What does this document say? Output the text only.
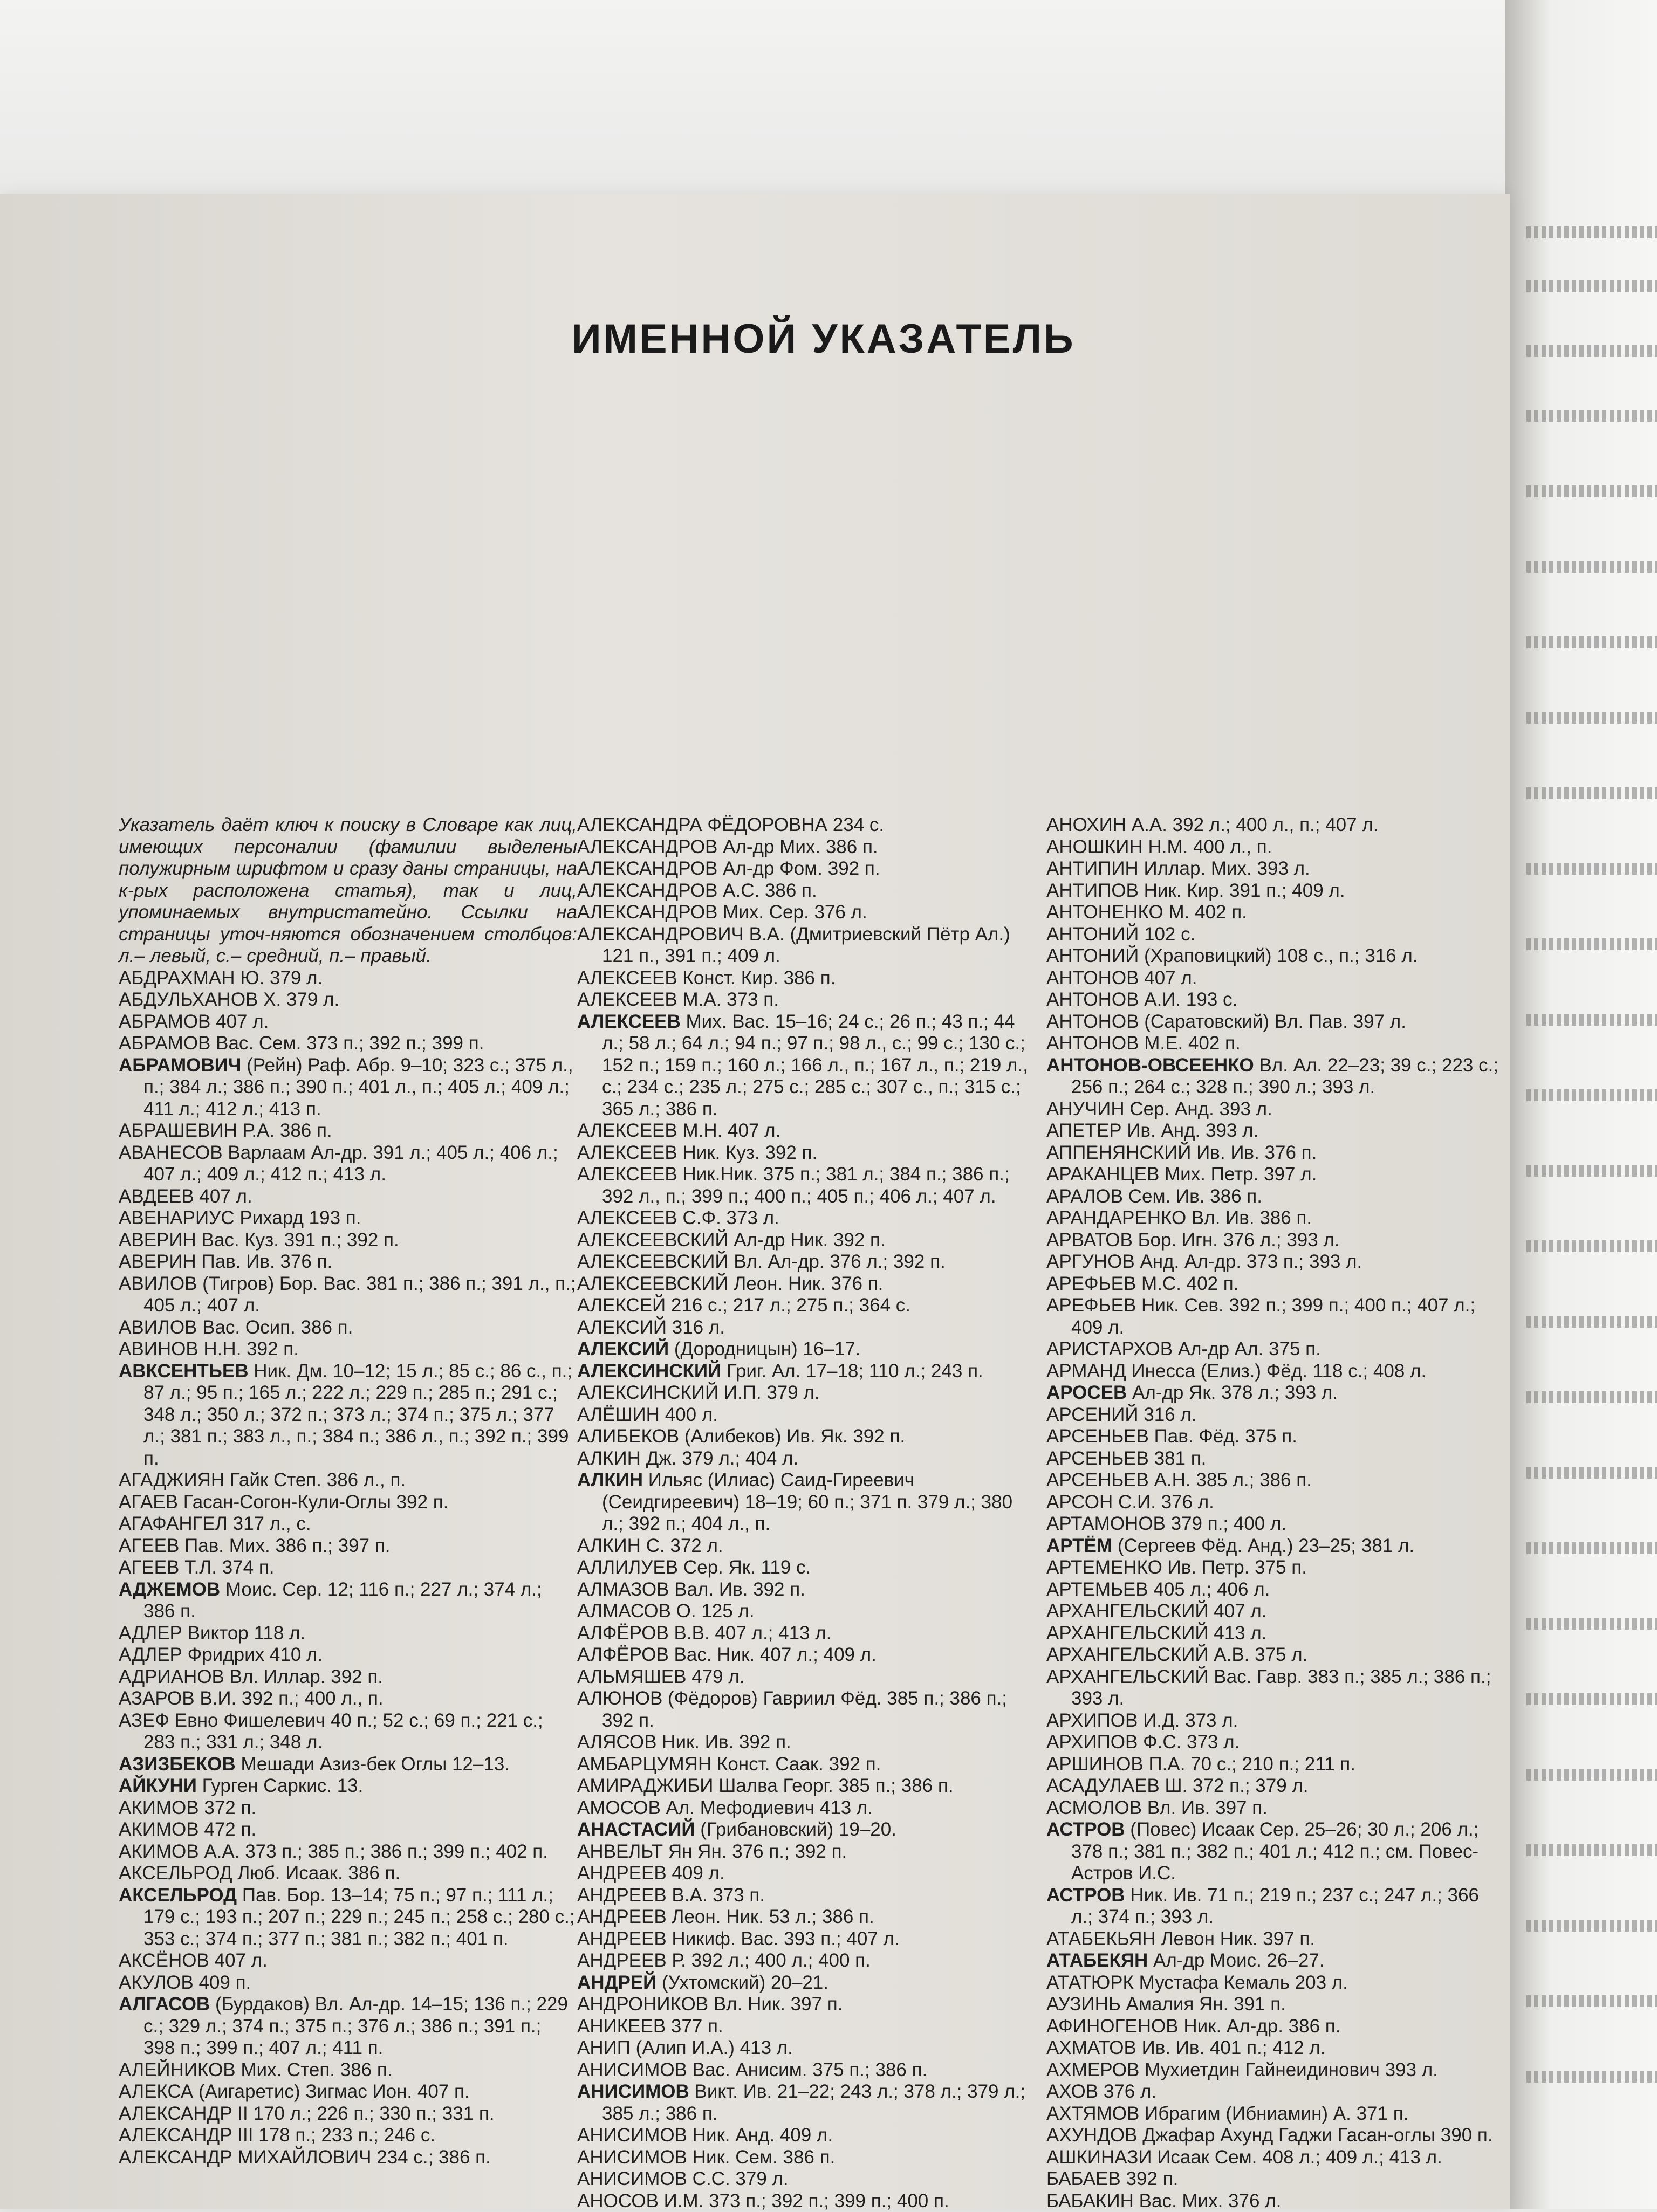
ИМЕННОЙ УКАЗАТЕЛЬ
Указатель даёт ключ к поиску в Словаре как лиц, имеющих персоналии (фамилии выделены полужирным шрифтом и сразу даны страницы, на к-рых расположена статья), так и лиц, упоминаемых внутристатейно. Ссылки на страницы уточ-няются обозначением столбцов: л.– левый, с.– средний, п.– правый.
АБДРАХМАН Ю. 379 л.
АБДУЛЬХАНОВ Х. 379 л.
АБРАМОВ 407 л.
АБРАМОВ Вас. Сем. 373 п.; 392 п.; 399 п.
АБРАМОВИЧ (Рейн) Раф. Абр. 9–10; 323 с.; 375 л., п.; 384 л.; 386 п.; 390 п.; 401 л., п.; 405 л.; 409 л.; 411 л.; 412 л.; 413 п.
АБРАШЕВИН Р.А. 386 п.
АВАНЕСОВ Варлаам Ал-др. 391 л.; 405 л.; 406 л.; 407 л.; 409 л.; 412 п.; 413 л.
АВДЕЕВ 407 л.
АВЕНАРИУС Рихард 193 п.
АВЕРИН Вас. Куз. 391 п.; 392 п.
АВЕРИН Пав. Ив. 376 п.
АВИЛОВ (Тигров) Бор. Вас. 381 п.; 386 п.; 391 л., п.; 405 л.; 407 л.
АВИЛОВ Вас. Осип. 386 п.
АВИНОВ Н.Н. 392 п.
АВКСЕНТЬЕВ Ник. Дм. 10–12; 15 л.; 85 с.; 86 с., п.; 87 л.; 95 п.; 165 л.; 222 л.; 229 п.; 285 п.; 291 с.; 348 л.; 350 л.; 372 п.; 373 л.; 374 п.; 375 л.; 377 л.; 381 п.; 383 л., п.; 384 п.; 386 л., п.; 392 п.; 399 п.
АГАДЖИЯН Гайк Степ. 386 л., п.
АГАЕВ Гасан-Согон-Кули-Оглы 392 п.
АГАФАНГЕЛ 317 л., с.
АГЕЕВ Пав. Мих. 386 п.; 397 п.
АГЕЕВ Т.Л. 374 п.
АДЖЕМОВ Моис. Сер. 12; 116 п.; 227 л.; 374 л.; 386 п.
АДЛЕР Виктор 118 л.
АДЛЕР Фридрих 410 л.
АДРИАНОВ Вл. Иллар. 392 п.
АЗАРОВ В.И. 392 п.; 400 л., п.
АЗЕФ Евно Фишелевич 40 п.; 52 с.; 69 п.; 221 с.; 283 п.; 331 л.; 348 л.
АЗИЗБЕКОВ Мешади Азиз-бек Оглы 12–13.
АЙКУНИ Гурген Саркис. 13.
АКИМОВ 372 п.
АКИМОВ 472 п.
АКИМОВ А.А. 373 п.; 385 п.; 386 п.; 399 п.; 402 п.
АКСЕЛЬРОД Люб. Исаак. 386 п.
АКСЕЛЬРОД Пав. Бор. 13–14; 75 п.; 97 п.; 111 л.; 179 с.; 193 п.; 207 п.; 229 п.; 245 п.; 258 с.; 280 с.; 353 с.; 374 п.; 377 п.; 381 п.; 382 п.; 401 п.
АКСЁНОВ 407 л.
АКУЛОВ 409 п.
АЛГАСОВ (Бурдаков) Вл. Ал-др. 14–15; 136 п.; 229 с.; 329 л.; 374 п.; 375 п.; 376 л.; 386 п.; 391 п.; 398 п.; 399 п.; 407 л.; 411 п.
АЛЕЙНИКОВ Мих. Степ. 386 п.
АЛЕКСА (Аигаретис) Зигмас Ион. 407 п.
АЛЕКСАНДР II 170 л.; 226 п.; 330 п.; 331 п.
АЛЕКСАНДР III 178 п.; 233 п.; 246 с.
АЛЕКСАНДР МИХАЙЛОВИЧ 234 с.; 386 п.
АЛЕКСАНДРА ФЁДОРОВНА 234 с.
АЛЕКСАНДРОВ Ал-др Мих. 386 п.
АЛЕКСАНДРОВ Ал-др Фом. 392 п.
АЛЕКСАНДРОВ А.С. 386 п.
АЛЕКСАНДРОВ Мих. Сер. 376 л.
АЛЕКСАНДРОВИЧ В.А. (Дмитриевский Пётр Ал.) 121 п., 391 п.; 409 л.
АЛЕКСЕЕВ Конст. Кир. 386 п.
АЛЕКСЕЕВ М.А. 373 п.
АЛЕКСЕЕВ Мих. Вас. 15–16; 24 с.; 26 п.; 43 п.; 44 л.; 58 л.; 64 л.; 94 п.; 97 п.; 98 л., с.; 99 с.; 130 с.; 152 п.; 159 п.; 160 л.; 166 л., п.; 167 л., п.; 219 л., с.; 234 с.; 235 л.; 275 с.; 285 с.; 307 с., п.; 315 с.; 365 л.; 386 п.
АЛЕКСЕЕВ М.Н. 407 л.
АЛЕКСЕЕВ Ник. Куз. 392 п.
АЛЕКСЕЕВ Ник.Ник. 375 п.; 381 л.; 384 п.; 386 п.; 392 л., п.; 399 п.; 400 п.; 405 п.; 406 л.; 407 л.
АЛЕКСЕЕВ С.Ф. 373 л.
АЛЕКСЕЕВСКИЙ Ал-др Ник. 392 п.
АЛЕКСЕЕВСКИЙ Вл. Ал-др. 376 л.; 392 п.
АЛЕКСЕЕВСКИЙ Леон. Ник. 376 п.
АЛЕКСЕЙ 216 с.; 217 л.; 275 п.; 364 с.
АЛЕКСИЙ 316 л.
АЛЕКСИЙ (Дородницын) 16–17.
АЛЕКСИНСКИЙ Григ. Ал. 17–18; 110 л.; 243 п.
АЛЕКСИНСКИЙ И.П. 379 л.
АЛЁШИН 400 л.
АЛИБЕКОВ (Алибеков) Ив. Як. 392 п.
АЛКИН Дж. 379 л.; 404 л.
АЛКИН Ильяс (Илиас) Саид-Гиреевич (Сеидгиреевич) 18–19; 60 п.; 371 п. 379 л.; 380 л.; 392 п.; 404 л., п.
АЛКИН С. 372 л.
АЛЛИЛУЕВ Сер. Як. 119 с.
АЛМАЗОВ Вал. Ив. 392 п.
АЛМАСОВ О. 125 л.
АЛФЁРОВ В.В. 407 л.; 413 л.
АЛФЁРОВ Вас. Ник. 407 л.; 409 л.
АЛЬМЯШЕВ 479 л.
АЛЮНОВ (Фёдоров) Гавриил Фёд. 385 п.; 386 п.; 392 п.
АЛЯСОВ Ник. Ив. 392 п.
АМБАРЦУМЯН Конст. Саак. 392 п.
АМИРАДЖИБИ Шалва Георг. 385 п.; 386 п.
АМОСОВ Ал. Мефодиевич 413 л.
АНАСТАСИЙ (Грибановский) 19–20.
АНВЕЛЬТ Ян Ян. 376 п.; 392 п.
АНДРЕЕВ 409 л.
АНДРЕЕВ В.А. 373 п.
АНДРЕЕВ Леон. Ник. 53 л.; 386 п.
АНДРЕЕВ Никиф. Вас. 393 п.; 407 л.
АНДРЕЕВ Р. 392 л.; 400 л.; 400 п.
АНДРЕЙ (Ухтомский) 20–21.
АНДРОНИКОВ Вл. Ник. 397 п.
АНИКЕЕВ 377 п.
АНИП (Алип И.А.) 413 л.
АНИСИМОВ Вас. Анисим. 375 п.; 386 п.
АНИСИМОВ Викт. Ив. 21–22; 243 л.; 378 л.; 379 л.; 385 л.; 386 п.
АНИСИМОВ Ник. Анд. 409 л.
АНИСИМОВ Ник. Сем. 386 п.
АНИСИМОВ С.С. 379 л.
АНОСОВ И.М. 373 п.; 392 п.; 399 п.; 400 п.
АНОХИН А.А. 392 л.; 400 л., п.; 407 л.
АНОШКИН Н.М. 400 л., п.
АНТИПИН Иллар. Мих. 393 л.
АНТИПОВ Ник. Кир. 391 п.; 409 л.
АНТОНЕНКО М. 402 п.
АНТОНИЙ 102 с.
АНТОНИЙ (Храповицкий) 108 с., п.; 316 л.
АНТОНОВ 407 л.
АНТОНОВ А.И. 193 с.
АНТОНОВ (Саратовский) Вл. Пав. 397 л.
АНТОНОВ М.Е. 402 п.
АНТОНОВ-ОВСЕЕНКО Вл. Ал. 22–23; 39 с.; 223 с.; 256 п.; 264 с.; 328 п.; 390 л.; 393 л.
АНУЧИН Сер. Анд. 393 л.
АПЕТЕР Ив. Анд. 393 л.
АППЕНЯНСКИЙ Ив. Ив. 376 п.
АРАКАНЦЕВ Мих. Петр. 397 л.
АРАЛОВ Сем. Ив. 386 п.
АРАНДАРЕНКО Вл. Ив. 386 п.
АРВАТОВ Бор. Игн. 376 л.; 393 л.
АРГУНОВ Анд. Ал-др. 373 п.; 393 л.
АРЕФЬЕВ М.С. 402 п.
АРЕФЬЕВ Ник. Сев. 392 п.; 399 п.; 400 п.; 407 л.; 409 л.
АРИСТАРХОВ Ал-др Ал. 375 п.
АРМАНД Инесса (Елиз.) Фёд. 118 с.; 408 л.
АРОСЕВ Ал-др Як. 378 л.; 393 л.
АРСЕНИЙ 316 л.
АРСЕНЬЕВ Пав. Фёд. 375 п.
АРСЕНЬЕВ 381 п.
АРСЕНЬЕВ А.Н. 385 л.; 386 п.
АРСОН С.И. 376 л.
АРТАМОНОВ 379 п.; 400 л.
АРТЁМ (Сергеев Фёд. Анд.) 23–25; 381 л.
АРТЕМЕНКО Ив. Петр. 375 п.
АРТЕМЬЕВ 405 л.; 406 л.
АРХАНГЕЛЬСКИЙ 407 л.
АРХАНГЕЛЬСКИЙ 413 л.
АРХАНГЕЛЬСКИЙ А.В. 375 л.
АРХАНГЕЛЬСКИЙ Вас. Гавр. 383 п.; 385 л.; 386 п.; 393 л.
АРХИПОВ И.Д. 373 л.
АРХИПОВ Ф.С. 373 л.
АРШИНОВ П.А. 70 с.; 210 п.; 211 п.
АСАДУЛАЕВ Ш. 372 п.; 379 л.
АСМОЛОВ Вл. Ив. 397 п.
АСТРОВ (Повес) Исаак Сер. 25–26; 30 л.; 206 л.; 378 п.; 381 п.; 382 п.; 401 л.; 412 п.; см. Повес-Астров И.С.
АСТРОВ Ник. Ив. 71 п.; 219 п.; 237 с.; 247 л.; 366 л.; 374 п.; 393 л.
АТАБЕКЬЯН Левон Ник. 397 п.
АТАБЕКЯН Ал-др Моис. 26–27.
АТАТЮРК Мустафа Кемаль 203 л.
АУЗИНЬ Амалия Ян. 391 п.
АФИНОГЕНОВ Ник. Ал-др. 386 п.
АХМАТОВ Ив. Ив. 401 п.; 412 л.
АХМЕРОВ Мухиетдин Гайнеидинович 393 л.
АХОВ 376 л.
АХТЯМОВ Ибрагим (Ибниамин) А. 371 п.
АХУНДОВ Джафар Ахунд Гаджи Гасан-оглы 390 п.
АШКИНАЗИ Исаак Сем. 408 л.; 409 л.; 413 л.
БАБАЕВ 392 п.
БАБАКИН Вас. Мих. 376 л.
